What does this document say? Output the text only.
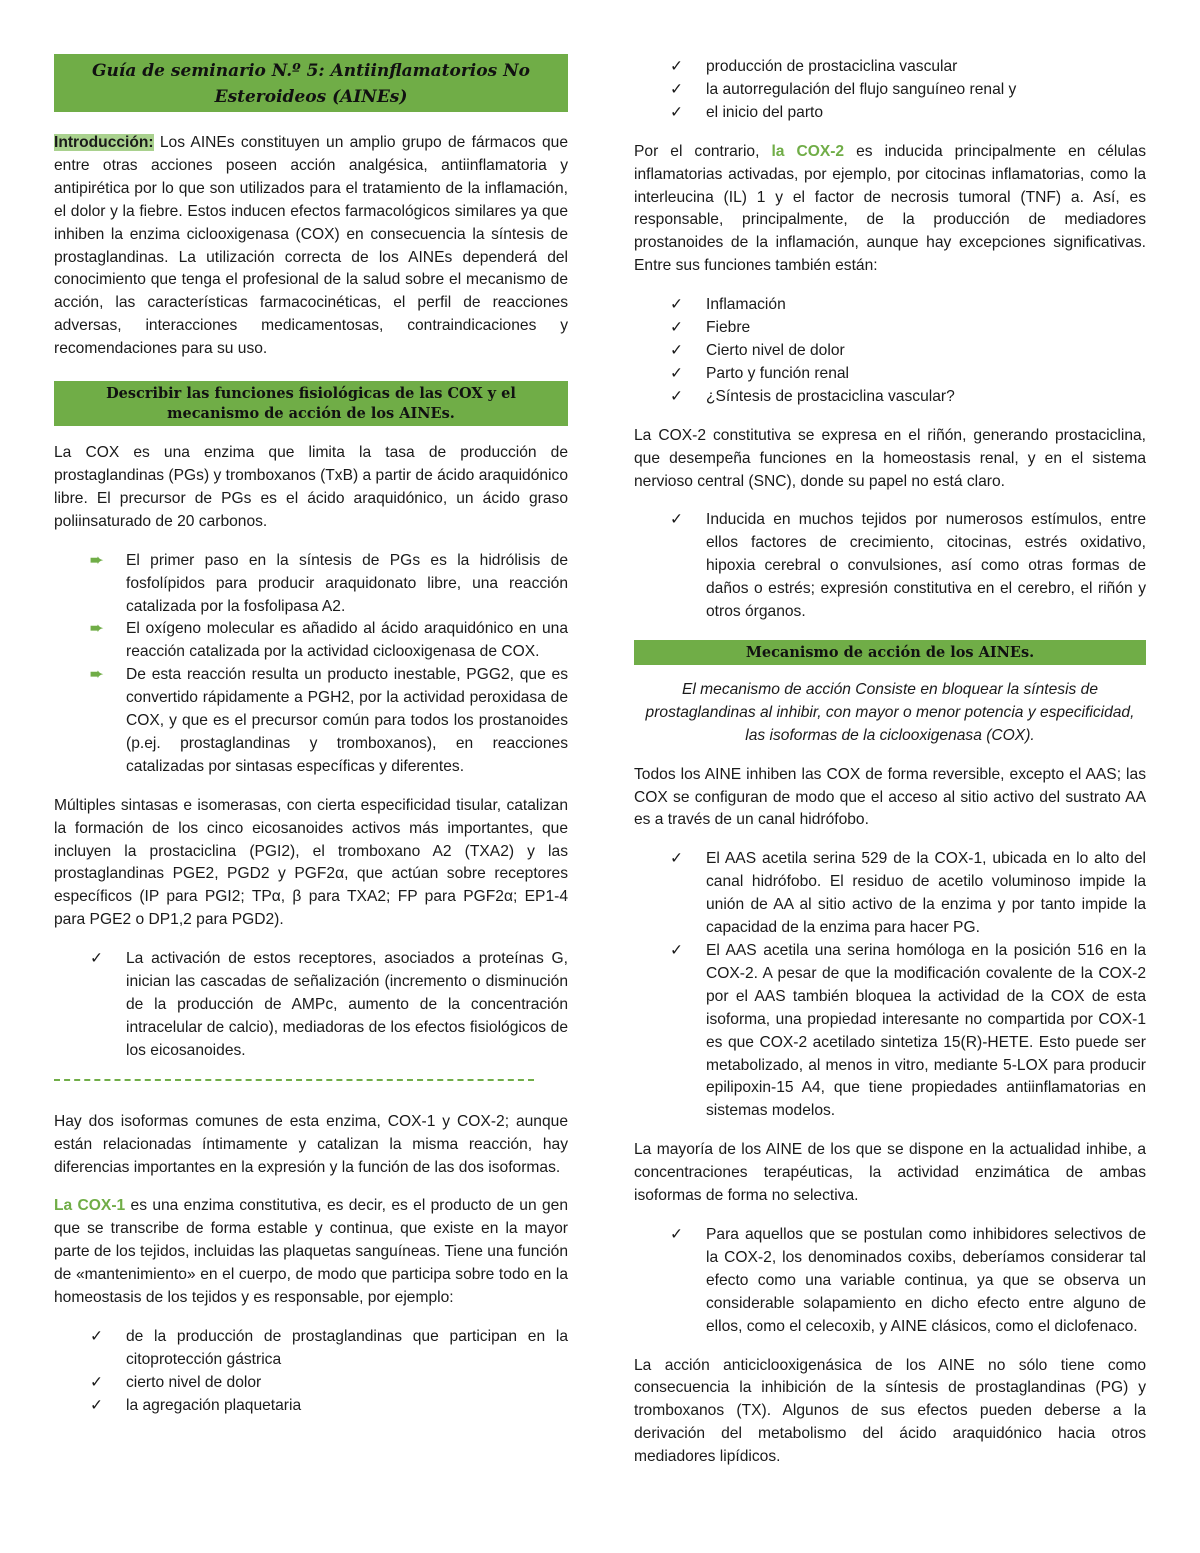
Guía de seminario N.º 5: Antiinflamatorios No Esteroideos (AINEs)

Introducción: Los AINEs constituyen un amplio grupo de fármacos que entre otras acciones poseen acción analgésica, antiinflamatoria y antipirética por lo que son utilizados para el tratamiento de la inflamación, el dolor y la fiebre. Estos inducen efectos farmacológicos similares ya que inhiben la enzima ciclooxigenasa (COX) en consecuencia la síntesis de prostaglandinas. La utilización correcta de los AINEs dependerá del conocimiento que tenga el profesional de la salud sobre el mecanismo de acción, las características farmacocinéticas, el perfil de reacciones adversas, interacciones medicamentosas, contraindicaciones y recomendaciones para su uso.

Describir las funciones fisiológicas de las COX y el mecanismo de acción de los AINEs.

La COX es una enzima que limita la tasa de producción de prostaglandinas (PGs) y tromboxanos (TxB) a partir de ácido araquidónico libre. El precursor de PGs es el ácido araquidónico, un ácido graso poliinsaturado de 20 carbonos.

➨ El primer paso en la síntesis de PGs es la hidrólisis de fosfolípidos para producir araquidonato libre, una reacción catalizada por la fosfolipasa A2.
➨ El oxígeno molecular es añadido al ácido araquidónico en una reacción catalizada por la actividad ciclooxigenasa de COX.
➨ De esta reacción resulta un producto inestable, PGG2, que es convertido rápidamente a PGH2, por la actividad peroxidasa de COX, y que es el precursor común para todos los prostanoides (p.ej. prostaglandinas y tromboxanos), en reacciones catalizadas por sintasas específicas y diferentes.

Múltiples sintasas e isomerasas, con cierta especificidad tisular, catalizan la formación de los cinco eicosanoides activos más importantes, que incluyen la prostaciclina (PGI2), el tromboxano A2 (TXA2) y las prostaglandinas PGE2, PGD2 y PGF2α, que actúan sobre receptores específicos (IP para PGI2; TPα, β para TXA2; FP para PGF2α; EP1-4 para PGE2 o DP1,2 para PGD2).

✓ La activación de estos receptores, asociados a proteínas G, inician las cascadas de señalización (incremento o disminución de la producción de AMPc, aumento de la concentración intracelular de calcio), mediadoras de los efectos fisiológicos de los eicosanoides.

Hay dos isoformas comunes de esta enzima, COX-1 y COX-2; aunque están relacionadas íntimamente y catalizan la misma reacción, hay diferencias importantes en la expresión y la función de las dos isoformas.

La COX-1 es una enzima constitutiva, es decir, es el producto de un gen que se transcribe de forma estable y continua, que existe en la mayor parte de los tejidos, incluidas las plaquetas sanguíneas. Tiene una función de «mantenimiento» en el cuerpo, de modo que participa sobre todo en la homeostasis de los tejidos y es responsable, por ejemplo:

✓ de la producción de prostaglandinas que participan en la citoprotección gástrica
✓ cierto nivel de dolor
✓ la agregación plaquetaria
✓ producción de prostaciclina vascular
✓ la autorregulación del flujo sanguíneo renal y
✓ el inicio del parto

Por el contrario, la COX-2 es inducida principalmente en células inflamatorias activadas, por ejemplo, por citocinas inflamatorias, como la interleucina (IL) 1 y el factor de necrosis tumoral (TNF) a. Así, es responsable, principalmente, de la producción de mediadores prostanoides de la inflamación, aunque hay excepciones significativas. Entre sus funciones también están:

✓ Inflamación
✓ Fiebre
✓ Cierto nivel de dolor
✓ Parto y función renal
✓ ¿Síntesis de prostaciclina vascular?

La COX-2 constitutiva se expresa en el riñón, generando prostaciclina, que desempeña funciones en la homeostasis renal, y en el sistema nervioso central (SNC), donde su papel no está claro.

✓ Inducida en muchos tejidos por numerosos estímulos, entre ellos factores de crecimiento, citocinas, estrés oxidativo, hipoxia cerebral o convulsiones, así como otras formas de daños o estrés; expresión constitutiva en el cerebro, el riñón y otros órganos.
Mecanismo de acción de los AINEs.

El mecanismo de acción Consiste en bloquear la síntesis de prostaglandinas al inhibir, con mayor o menor potencia y especificidad, las isoformas de la ciclooxigenasa (COX).

Todos los AINE inhiben las COX de forma reversible, excepto el AAS; las COX se configuran de modo que el acceso al sitio activo del sustrato AA es a través de un canal hidrófobo.

✓ El AAS acetila serina 529 de la COX-1, ubicada en lo alto del canal hidrófobo. El residuo de acetilo voluminoso impide la unión de AA al sitio activo de la enzima y por tanto impide la capacidad de la enzima para hacer PG.
✓ El AAS acetila una serina homóloga en la posición 516 en la COX-2. A pesar de que la modificación covalente de la COX-2 por el AAS también bloquea la actividad de la COX de esta isoforma, una propiedad interesante no compartida por COX-1 es que COX-2 acetilado sintetiza 15(R)-HETE. Esto puede ser metabolizado, al menos in vitro, mediante 5-LOX para producir epilipoxin-15 A4, que tiene propiedades antiinflamatorias en sistemas modelos.

La mayoría de los AINE de los que se dispone en la actualidad inhibe, a concentraciones terapéuticas, la actividad enzimática de ambas isoformas de forma no selectiva.

✓ Para aquellos que se postulan como inhibidores selectivos de la COX-2, los denominados coxibs, deberíamos considerar tal efecto como una variable continua, ya que se observa un considerable solapamiento en dicho efecto entre alguno de ellos, como el celecoxib, y AINE clásicos, como el diclofenaco.

La acción anticiclooxigenásica de los AINE no sólo tiene como consecuencia la inhibición de la síntesis de prostaglandinas (PG) y tromboxanos (TX). Algunos de sus efectos pueden deberse a la derivación del metabolismo del ácido araquidónico hacia otros mediadores lipídicos.
